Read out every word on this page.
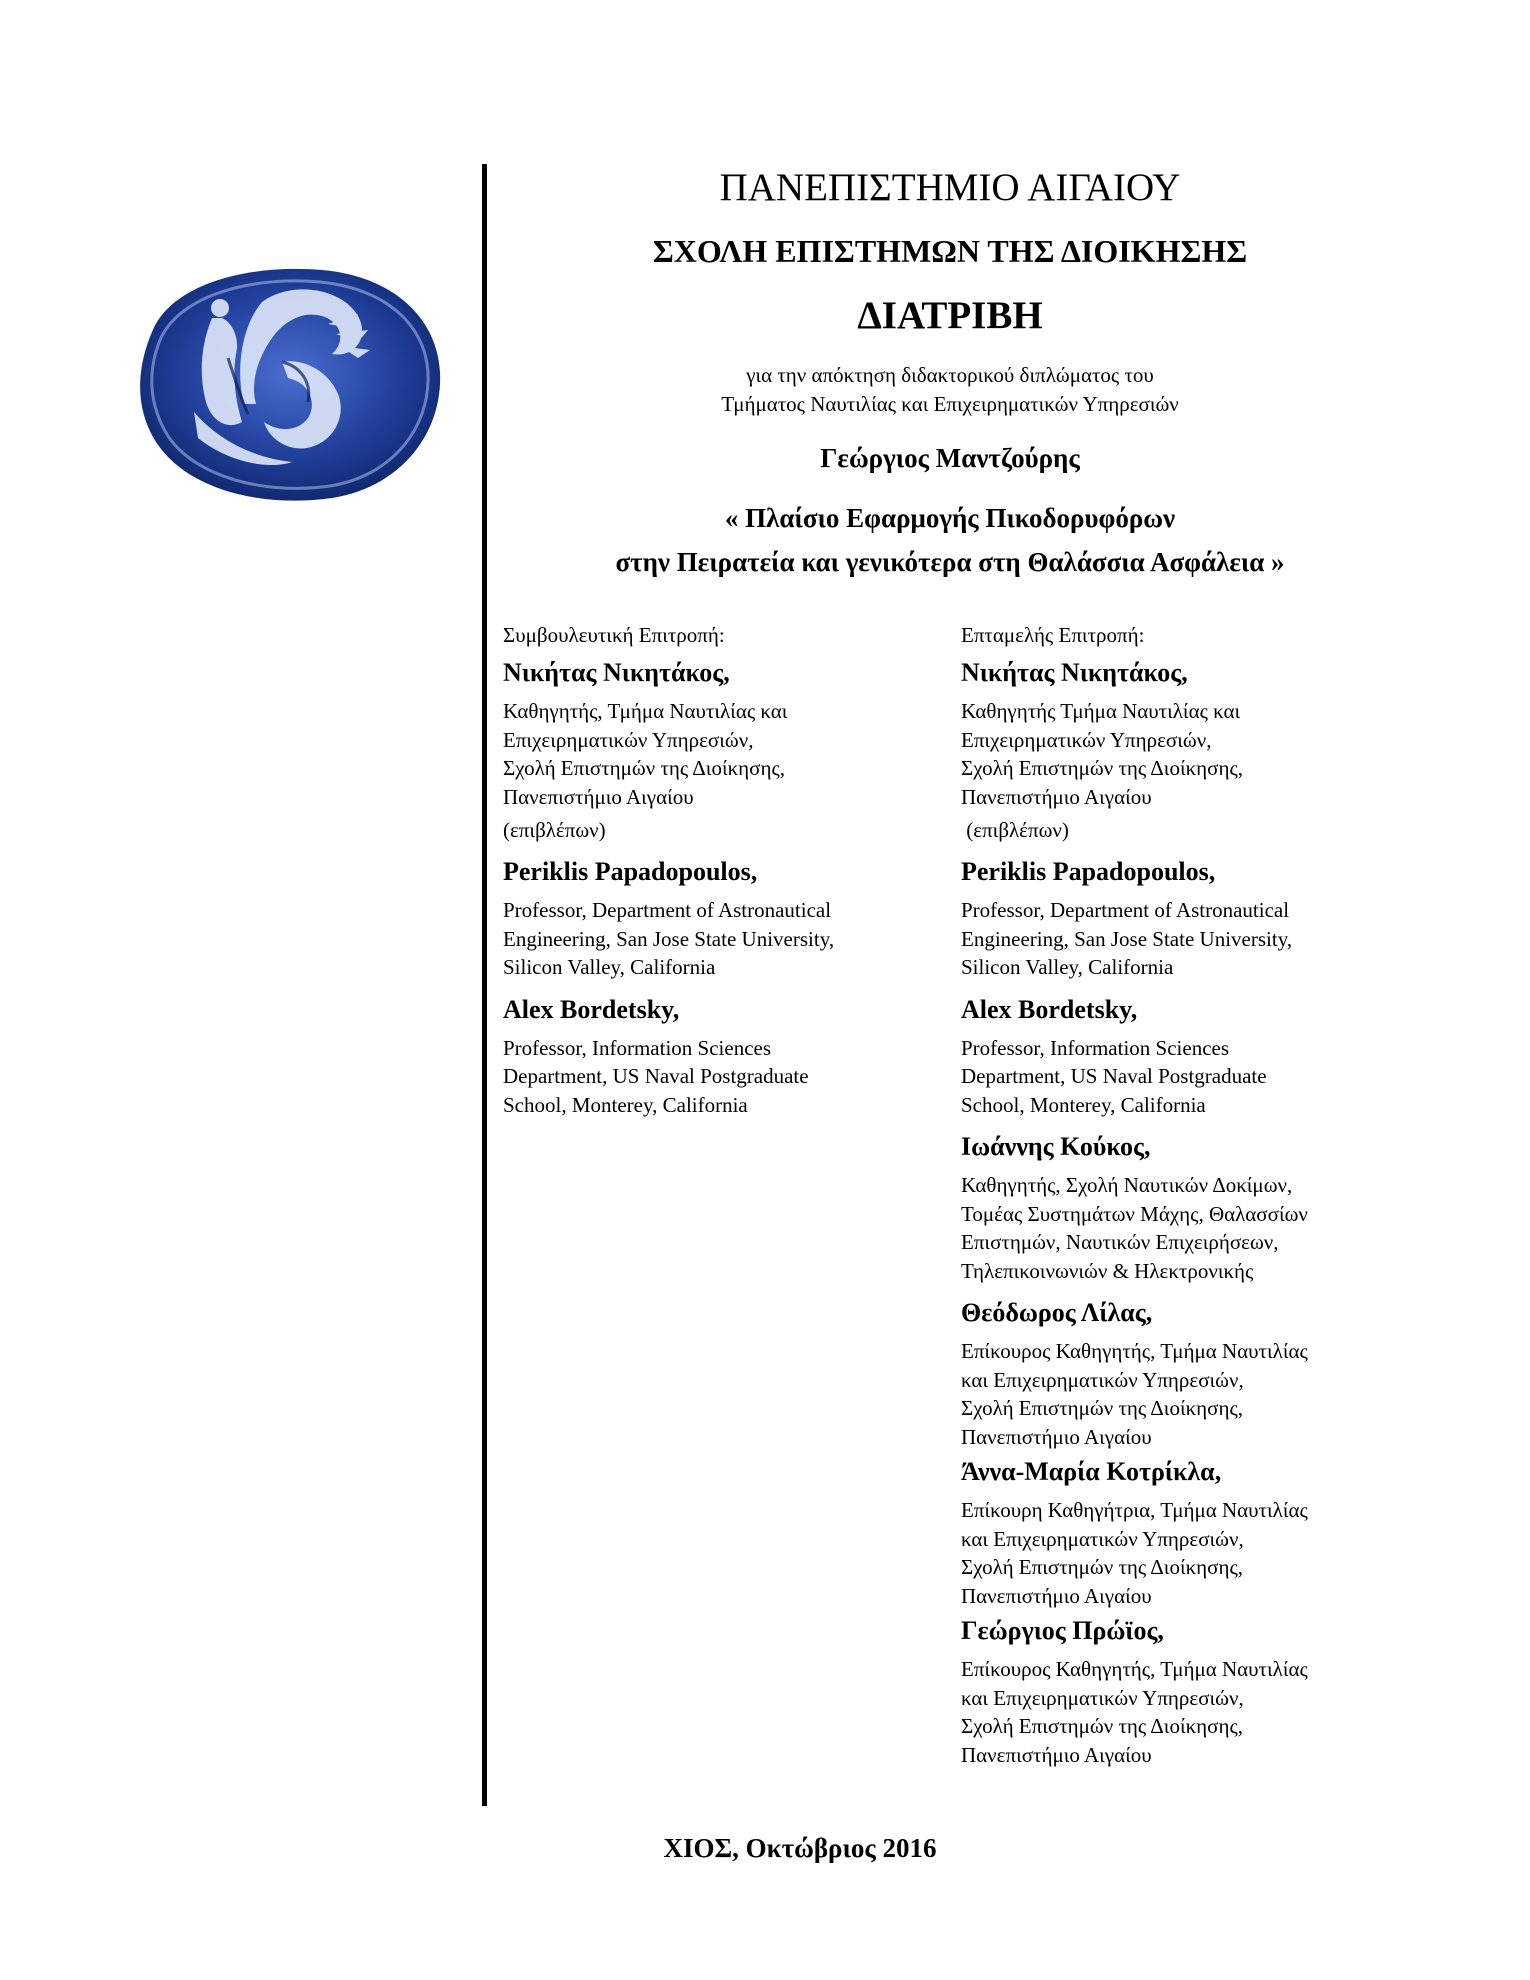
ΠΑΝΕΠΙΣΤΗΜΙΟ ΑΙΓΑΙΟΥ
ΣΧΟΛΗ ΕΠΙΣΤΗΜΩΝ ΤΗΣ ΔΙΟΙΚΗΣΗΣ
ΔΙΑΤΡΙΒΗ
για την απόκτηση διδακτορικού διπλώματος του
Τμήματος Ναυτιλίας και Επιχειρηματικών Υπηρεσιών
Γεώργιος Μαντζούρης
« Πλαίσιο Εφαρμογής Πικοδορυφόρων
στην Πειρατεία και γενικότερα στη Θαλάσσια Ασφάλεια »
Συμβουλευτική Επιτροπή:
Νικήτας Νικητάκος,
Καθηγητής, Τμήμα Ναυτιλίας και
Επιχειρηματικών Υπηρεσιών,
Σχολή Επιστημών της Διοίκησης,
Πανεπιστήμιο Αιγαίου
(επιβλέπων)
Periklis Papadopoulos,
Professor, Department of Astronautical
Engineering, San Jose State University,
Silicon Valley, California
Alex Bordetsky,
Professor, Information Sciences
Department, US Naval Postgraduate
School, Monterey, California
Επταμελής Επιτροπή:
Νικήτας Νικητάκος,
Καθηγητής Τμήμα Ναυτιλίας και
Επιχειρηματικών Υπηρεσιών,
Σχολή Επιστημών της Διοίκησης,
Πανεπιστήμιο Αιγαίου
(επιβλέπων)
Periklis Papadopoulos,
Professor, Department of Astronautical
Engineering, San Jose State University,
Silicon Valley, California
Alex Bordetsky,
Professor, Information Sciences
Department, US Naval Postgraduate
School, Monterey, California
Ιωάννης Κούκος,
Καθηγητής, Σχολή Ναυτικών Δοκίμων,
Τομέας Συστημάτων Μάχης, Θαλασσίων
Επιστημών, Ναυτικών Επιχειρήσεων,
Τηλεπικοινωνιών & Ηλεκτρονικής
Θεόδωρος Λίλας,
Επίκουρος Καθηγητής, Τμήμα Ναυτιλίας
και Επιχειρηματικών Υπηρεσιών,
Σχολή Επιστημών της Διοίκησης,
Πανεπιστήμιο Αιγαίου
Άννα-Μαρία Κοτρίκλα,
Επίκουρη Καθηγήτρια, Τμήμα Ναυτιλίας
και Επιχειρηματικών Υπηρεσιών,
Σχολή Επιστημών της Διοίκησης,
Πανεπιστήμιο Αιγαίου
Γεώργιος Πρώϊος,
Επίκουρος Καθηγητής, Τμήμα Ναυτιλίας
και Επιχειρηματικών Υπηρεσιών,
Σχολή Επιστημών της Διοίκησης,
Πανεπιστήμιο Αιγαίου
ΧΙΟΣ, Οκτώβριος 2016
